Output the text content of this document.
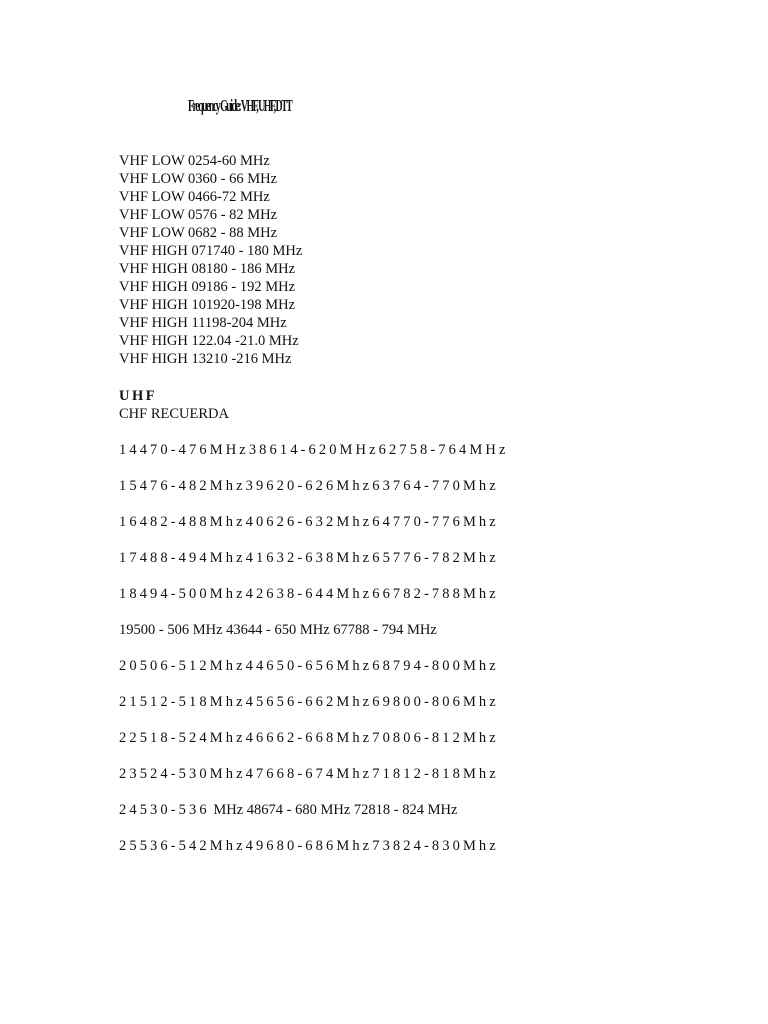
Frequency Guide: VHF, UHF, DTT
VHF LOW 0254-60 MHz
VHF LOW 0360 - 66 MHz
VHF LOW 0466-72 MHz
VHF LOW 0576 - 82 MHz
VHF LOW 0682 - 88 MHz
VHF HIGH 071740 - 180 MHz
VHF HIGH 08180 - 186 MHz
VHF HIGH 09186 - 192 MHz
VHF HIGH 101920-198 MHz
VHF HIGH 11198-204 MHz
VHF HIGH 122.04 -21.0 MHz
VHF HIGH 13210 -216 MHz
UHF
CHF RECUERDA
14470-476MHz38614-620MHz62758-764MHz
15476-482Mhz39620-626Mhz63764-770Mhz
16482-488Mhz40626-632Mhz64770-776Mhz
17488-494Mhz41632-638Mhz65776-782Mhz
18494-500Mhz42638-644Mhz66782-788Mhz
19500 - 506 MHz 43644 - 650 MHz 67788 - 794 MHz
20506-512Mhz44650-656Mhz68794-800Mhz
21512-518Mhz45656-662Mhz69800-806Mhz
22518-524Mhz46662-668Mhz70806-812Mhz
23524-530Mhz47668-674Mhz71812-818Mhz
24530-536 MHz 48674 - 680 MHz 72818 - 824 MHz
25536-542Mhz49680-686Mhz73824-830Mhz
